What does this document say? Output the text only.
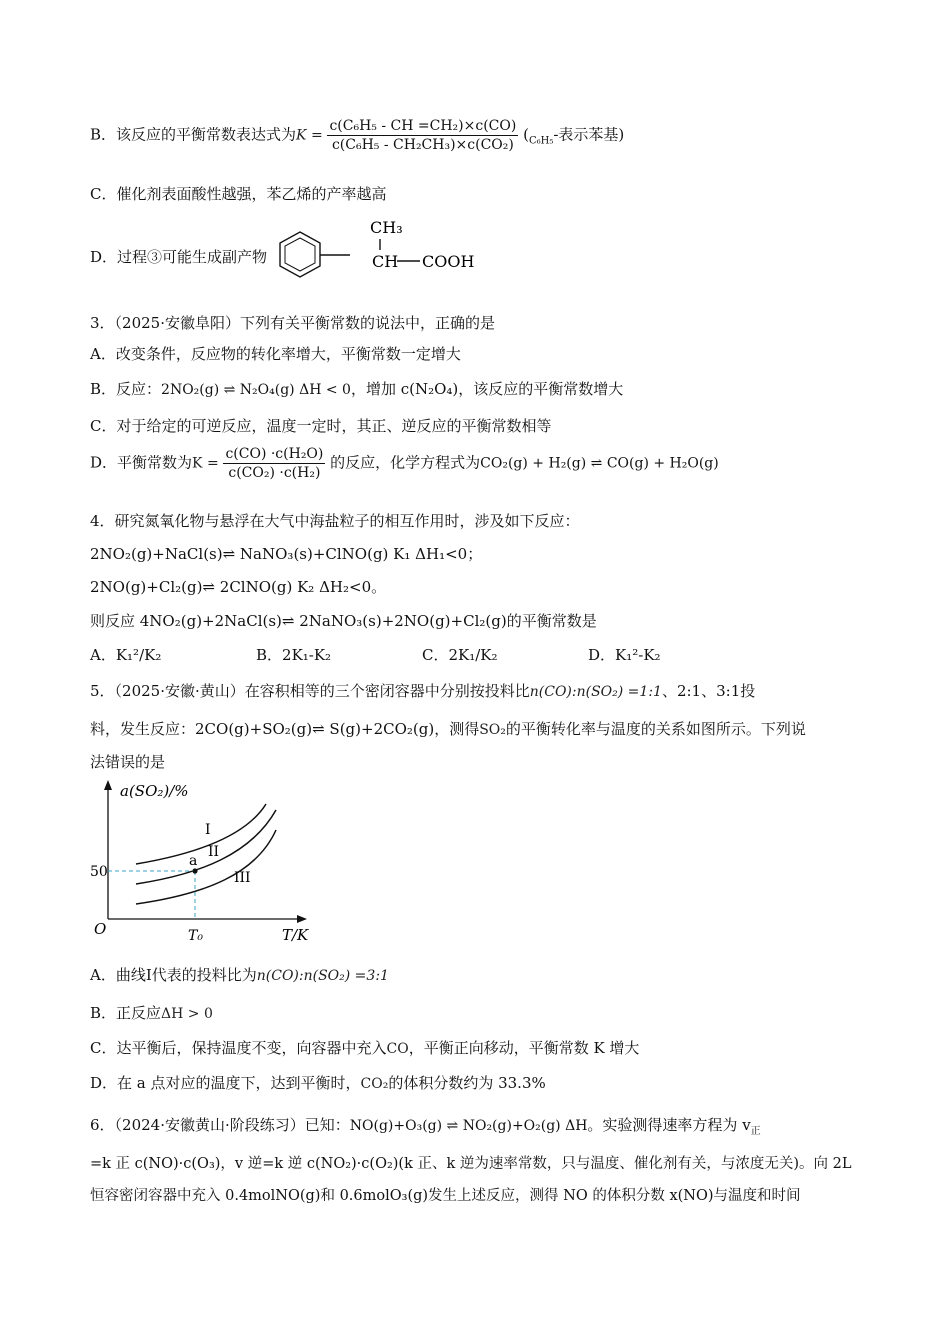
B．该反应的平衡常数表达式为$K = \frac{\text{c(C₆H₅ - CH =CH₂)×c(CO)}}{\text{c(C₆H₅ - CH₂CH₃)×c(CO₂)}} (_{C_6H_5}-$表示苯基)
C．催化剂表面酸性越强，苯乙烯的产率越高
D．过程③可能生成副产物
CH₃
CH COOH
3．（2025·安徽阜阳）下列有关平衡常数的说法中，正确的是
A．改变条件，反应物的转化率增大，平衡常数一定增大
B．反应：2NO₂(g) ⇌ N₂O₄(g) ΔH < 0，增加 c(N₂O₄)，该反应的平衡常数增大
C．对于给定的可逆反应，温度一定时，其正、逆反应的平衡常数相等
D．平衡常数为$K = \frac{\text{c(CO) ·c(H₂O)}}{\text{c(CO₂) ·c(H₂)}}$ 的反应，化学方程式为CO₂(g) + H₂(g) ⇌ CO(g) + H₂O(g)
4．研究氮氧化物与悬浮在大气中海盐粒子的相互作用时，涉及如下反应：
2NO₂(g)+NaCl(s)⇌ NaNO₃(s)+ClNO(g) K₁ ΔH₁<0；
2NO(g)+Cl₂(g)⇌ 2ClNO(g) K₂ ΔH₂<0。
则反应 4NO₂(g)+2NaCl(s)⇌ 2NaNO₃(s)+2NO(g)+Cl₂(g)的平衡常数是
A．K₁²/K₂	B．2K₁-K₂	C．2K₁/K₂	D．K₁²-K₂
5．（2025·安徽·黄山）在容积相等的三个密闭容器中分别按投料比n(CO):n(SO₂) =1:1、2:1、3:1投
料，发生反应：2CO(g)+SO₂(g)⇌ S(g)+2CO₂(g)，测得SO₂的平衡转化率与温度的关系如图所示。下列说
法错误的是
a(SO₂)/%
50
O	T₀	T/K
a
I
II
III
A．曲线Ⅰ代表的投料比为n(CO):n(SO₂) =3:1
B．正反应ΔH > 0
C．达平衡后，保持温度不变，向容器中充入CO，平衡正向移动，平衡常数 K 增大
D．在 a 点对应的温度下，达到平衡时，CO₂的体积分数约为 33.3%
6．（2024·安徽黄山·阶段练习）已知：NO(g)+O₃(g) ⇌ NO₂(g)+O₂(g) ΔH。实验测得速率方程为 $v_正$
=k 正 c(NO)·c(O₃)，v 逆=k 逆 c(NO₂)·c(O₂)(k 正、k 逆为速率常数，只与温度、催化剂有关，与浓度无关)。向 2L
恒容密闭容器中充入 0.4molNO(g)和 0.6molO₃(g)发生上述反应，测得 NO 的体积分数 x(NO)与温度和时间
